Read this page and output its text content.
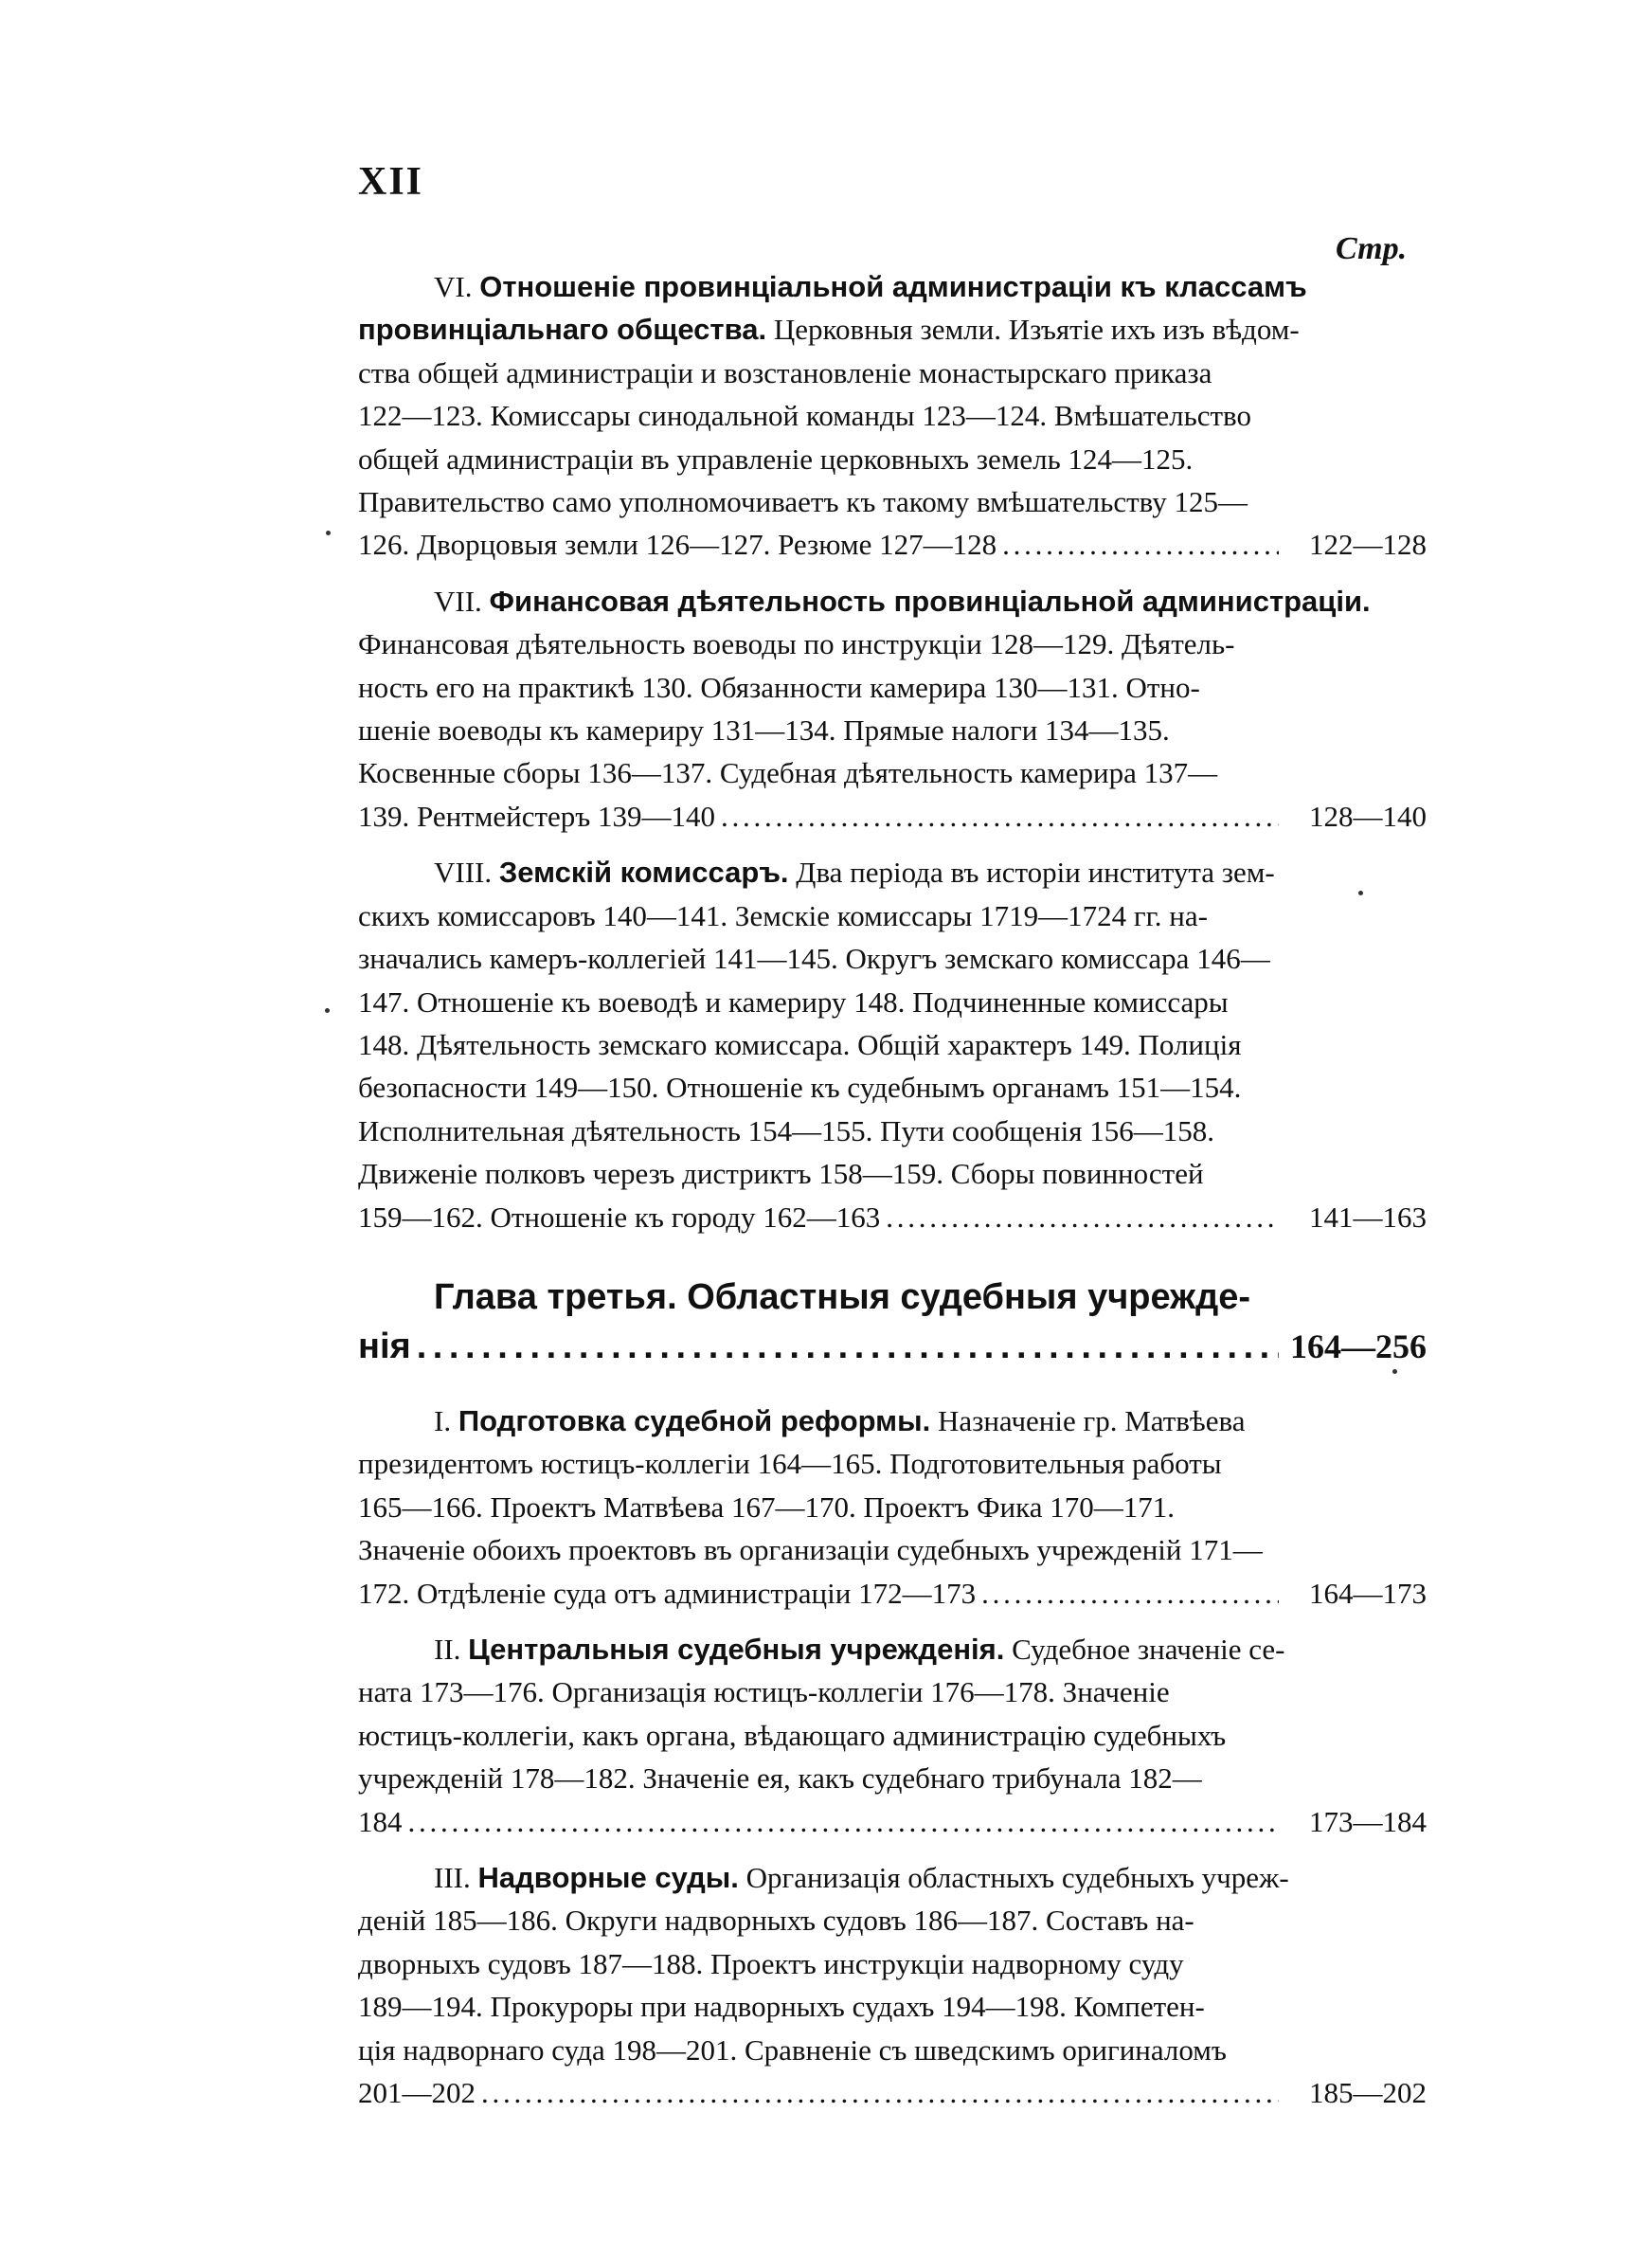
XII
Стр.
VI. Отношеніе провинціальной администраціи къ классамъ
провинціальнаго общества. Церковныя земли. Изъятіе ихъ изъ вѣдом-
ства общей администраціи и возстановленіе монастырскаго приказа
122—123. Комиссары синодальной команды 123—124. Вмѣшательство
общей администраціи въ управленіе церковныхъ земель 124—125.
Правительство само уполномочиваетъ къ такому вмѣшательству 125—
126. Дворцовыя земли 126—127. Резюме 127—128 . . .	122—128
VII. Финансовая дѣятельность провинціальной администраціи.
Финансовая дѣятельность воеводы по инструкціи 128—129. Дѣятель-
ность его на практикѣ 130. Обязанности камерира 130—131. Отно-
шеніе воеводы къ камериру 131—134. Прямые налоги 134—135.
Косвенные сборы 136—137. Судебная дѣятельность камерира 137—
139. Рентмейстеръ 139—140 . . .	128—140
VIII. Земскій комиссаръ. Два періода въ исторіи института зем-
скихъ комиссаровъ 140—141. Земскіе комиссары 1719—1724 гг. на-
значались камеръ-коллегіей 141—145. Округъ земскаго комиссара 146—
147. Отношеніе къ воеводѣ и камериру 148. Подчиненные комиссары
148. Дѣятельность земскаго комиссара. Общій характеръ 149. Полиція
безопасности 149—150. Отношеніе къ судебнымъ органамъ 151—154.
Исполнительная дѣятельность 154—155. Пути сообщенія 156—158.
Движеніе полковъ черезъ дистриктъ 158—159. Сборы повинностей
159—162. Отношеніе къ городу 162—163 . . .	141—163
Глава третья. Областныя судебныя учрежде-
нія . . .	164—256
I. Подготовка судебной реформы. Назначеніе гр. Матвѣева
президентомъ юстицъ-коллегіи 164—165. Подготовительныя работы
165—166. Проектъ Матвѣева 167—170. Проектъ Фика 170—171.
Значеніе обоихъ проектовъ въ организаціи судебныхъ учрежденій 171—
172. Отдѣленіе суда отъ администраціи 172—173 . . .	164—173
II. Центральныя судебныя учрежденія. Судебное значеніе се-
ната 173—176. Организація юстицъ-коллегіи 176—178. Значеніе
юстицъ-коллегіи, какъ органа, вѣдающаго администрацію судебныхъ
учрежденій 178—182. Значеніе ея, какъ судебнаго трибунала 182—
184 . . .	173—184
III. Надворные суды. Организація областныхъ судебныхъ учреж-
деній 185—186. Округи надворныхъ судовъ 186—187. Составъ на-
дворныхъ судовъ 187—188. Проектъ инструкціи надворному суду
189—194. Прокуроры при надворныхъ судахъ 194—198. Компетен-
ція надворнаго суда 198—201. Сравненіе съ шведскимъ оригиналомъ
201—202 . . .	185—202
